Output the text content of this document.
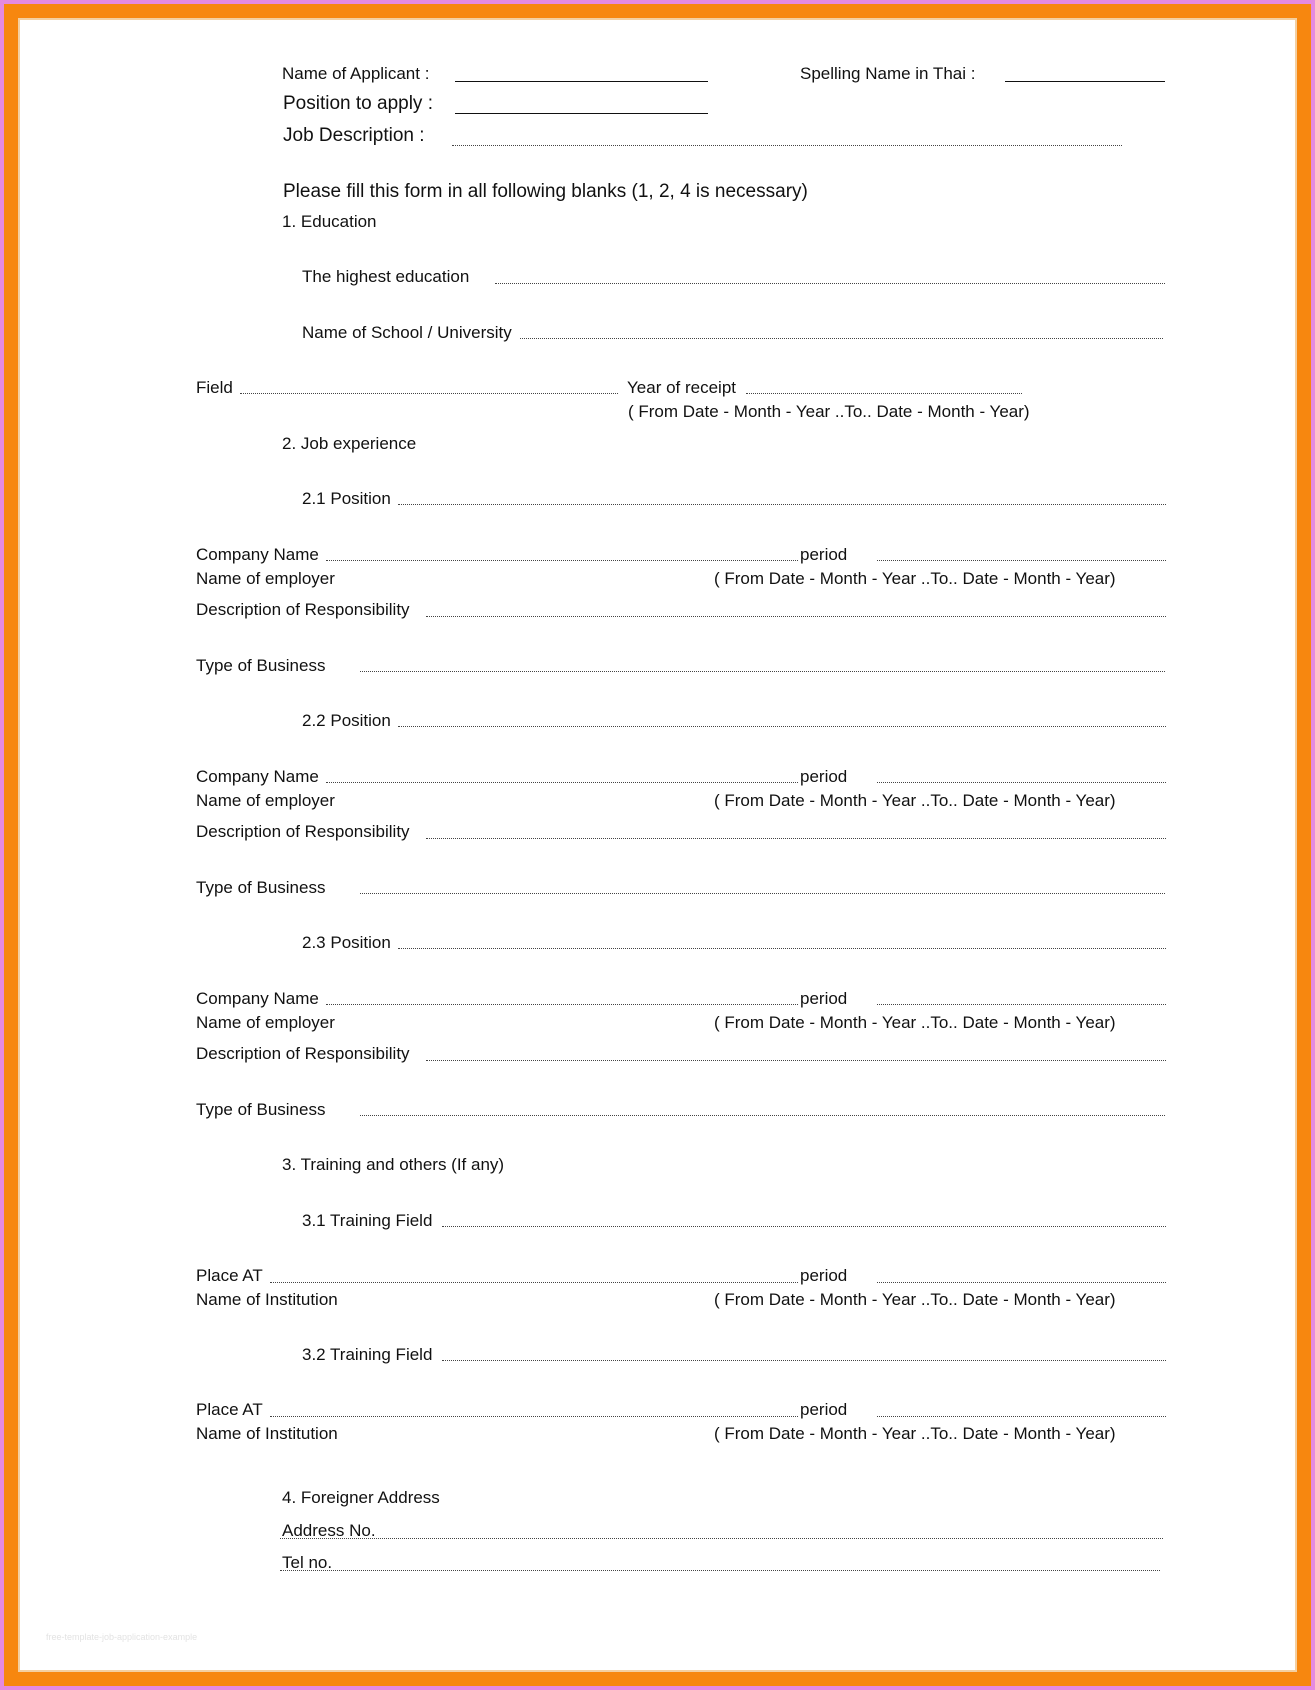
Name of Applicant :	Spelling Name in Thai :
Position to apply :
Job Description :
Please fill this form in all following blanks (1, 2, 4 is necessary)
1. Education
The highest education
Name of School / University
Field	Year of receipt
( From Date - Month - Year ..To.. Date - Month - Year)
2. Job experience
2.1 Position
Company Name	period
Name of employer	( From Date - Month - Year ..To.. Date - Month - Year)
Description of Responsibility
Type of Business
2.2 Position
Company Name	period
Name of employer	( From Date - Month - Year ..To.. Date - Month - Year)
Description of Responsibility
Type of Business
2.3 Position
Company Name	period
Name of employer	( From Date - Month - Year ..To.. Date - Month - Year)
Description of Responsibility
Type of Business
3. Training and others (If any)
3.1 Training Field
Place AT	period
Name of Institution	( From Date - Month - Year ..To.. Date - Month - Year)
3.2 Training Field
Place AT	period
Name of Institution	( From Date - Month - Year ..To.. Date - Month - Year)
4. Foreigner Address
Address No.
Tel no.
free-template-job-application-example
